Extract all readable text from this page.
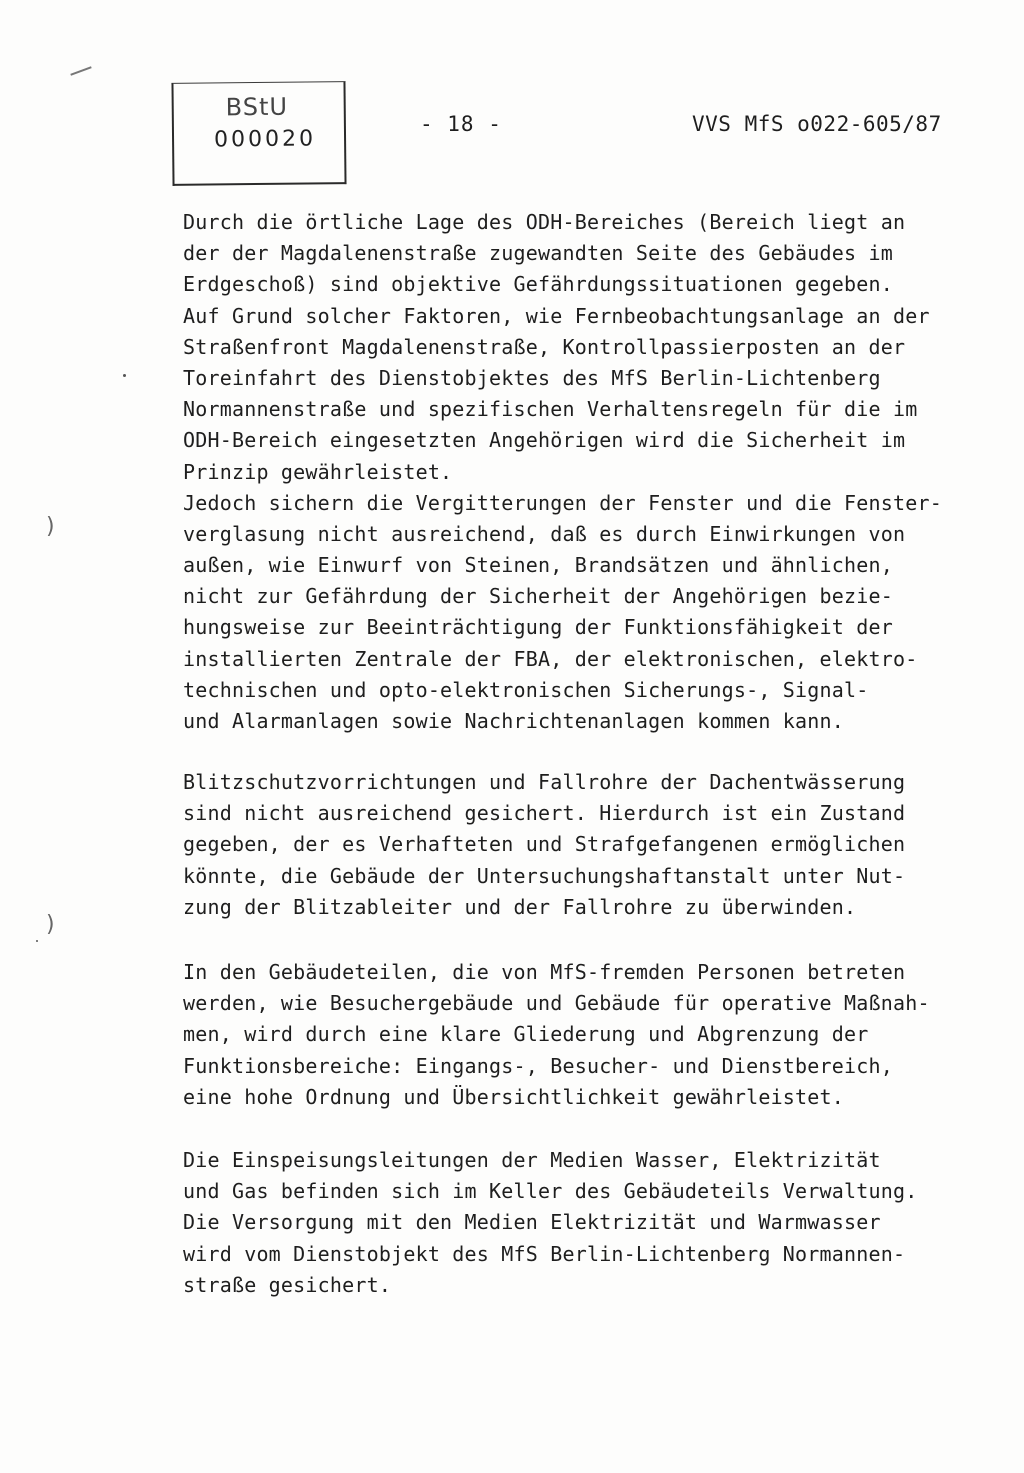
BStU
000020
- 18 -	VVS MfS o022-605/87
Durch die örtliche Lage des ODH-Bereiches (Bereich liegt an
der der Magdalenenstraße zugewandten Seite des Gebäudes im
Erdgeschoß) sind objektive Gefährdungssituationen gegeben.
Auf Grund solcher Faktoren, wie Fernbeobachtungsanlage an der
Straßenfront Magdalenenstraße, Kontrollpassierposten an der
Toreinfahrt des Dienstobjektes des MfS Berlin-Lichtenberg
Normannenstraße und spezifischen Verhaltensregeln für die im
ODH-Bereich eingesetzten Angehörigen wird die Sicherheit im
Prinzip gewährleistet.
Jedoch sichern die Vergitterungen der Fenster und die Fenster-
verglasung nicht ausreichend, daß es durch Einwirkungen von
außen, wie Einwurf von Steinen, Brandsätzen und ähnlichen,
nicht zur Gefährdung der Sicherheit der Angehörigen bezie-
hungsweise zur Beeinträchtigung der Funktionsfähigkeit der
installierten Zentrale der FBA, der elektronischen, elektro-
technischen und opto-elektronischen Sicherungs-, Signal-
und Alarmanlagen sowie Nachrichtenanlagen kommen kann.
Blitzschutzvorrichtungen und Fallrohre der Dachentwässerung
sind nicht ausreichend gesichert. Hierdurch ist ein Zustand
gegeben, der es Verhafteten und Strafgefangenen ermöglichen
könnte, die Gebäude der Untersuchungshaftanstalt unter Nut-
zung der Blitzableiter und der Fallrohre zu überwinden.
In den Gebäudeteilen, die von MfS-fremden Personen betreten
werden, wie Besuchergebäude und Gebäude für operative Maßnah-
men, wird durch eine klare Gliederung und Abgrenzung der
Funktionsbereiche: Eingangs-, Besucher- und Dienstbereich,
eine hohe Ordnung und Übersichtlichkeit gewährleistet.
Die Einspeisungsleitungen der Medien Wasser, Elektrizität
und Gas befinden sich im Keller des Gebäudeteils Verwaltung.
Die Versorgung mit den Medien Elektrizität und Warmwasser
wird vom Dienstobjekt des MfS Berlin-Lichtenberg Normannen-
straße gesichert.
)
)
